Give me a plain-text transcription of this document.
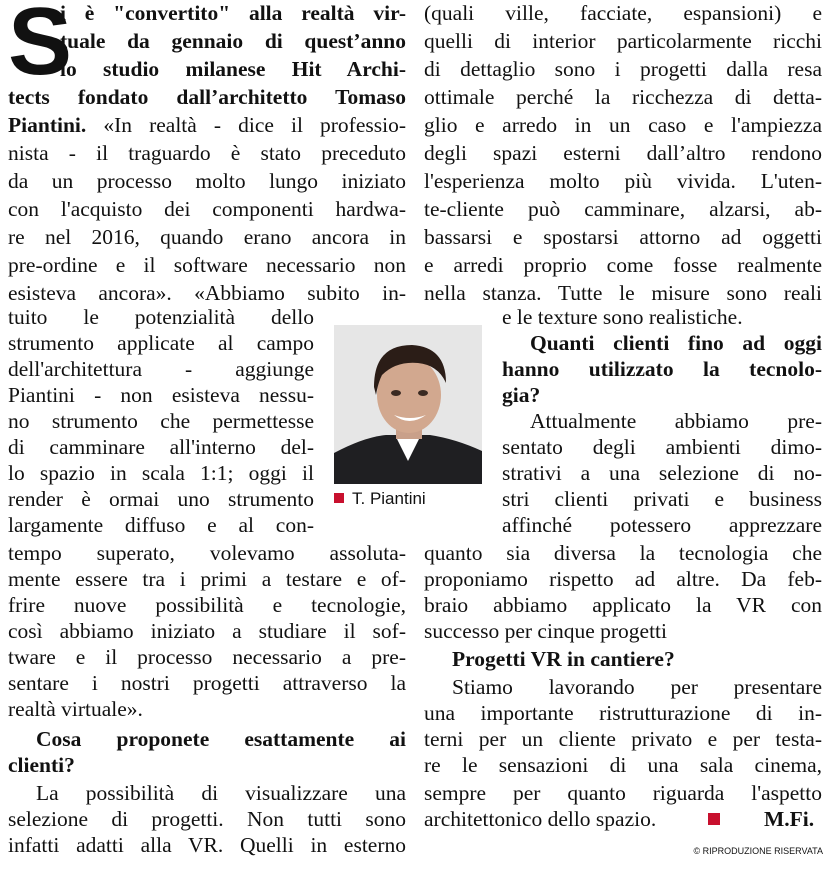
S
i è "convertito" alla realtà vir-
tuale da gennaio di quest’anno
lo studio milanese Hit Archi-
tects fondato dall’architetto Tomaso
Piantini. «In realtà - dice il professio-
nista - il traguardo è stato preceduto
da un processo molto lungo iniziato
con l'acquisto dei componenti hardwa-
re nel 2016, quando erano ancora in
pre-ordine e il software necessario non
esisteva ancora». «Abbiamo subito in-
tuito le potenzialità dello
strumento applicate al campo
dell'architettura - aggiunge
Piantini - non esisteva nessu-
no strumento che permettesse
di camminare all'interno del-
lo spazio in scala 1:1; oggi il
render è ormai uno strumento
largamente diffuso e al con-
tempo superato, volevamo assoluta-
mente essere tra i primi a testare e of-
frire nuove possibilità e tecnologie,
così abbiamo iniziato a studiare il sof-
tware e il processo necessario a pre-
sentare i nostri progetti attraverso la
realtà virtuale».
Cosa proponete esattamente ai
clienti?
La possibilità di visualizzare una
selezione di progetti. Non tutti sono
infatti adatti alla VR. Quelli in esterno
T. Piantini
(quali ville, facciate, espansioni) e
quelli di interior particolarmente ricchi
di dettaglio sono i progetti dalla resa
ottimale perché la ricchezza di detta-
glio e arredo in un caso e l'ampiezza
degli spazi esterni dall’altro rendono
l'esperienza molto più vivida. L'uten-
te-cliente può camminare, alzarsi, ab-
bassarsi e spostarsi attorno ad oggetti
e arredi proprio come fosse realmente
nella stanza. Tutte le misure sono reali
e le texture sono realistiche.
Quanti clienti fino ad oggi
hanno utilizzato la tecnolo-
gia?
Attualmente abbiamo pre-
sentato degli ambienti dimo-
strativi a una selezione di no-
stri clienti privati e business
affinché potessero apprezzare
quanto sia diversa la tecnologia che
proponiamo rispetto ad altre. Da feb-
braio abbiamo applicato la VR con
successo per cinque progetti
Progetti VR in cantiere?
Stiamo lavorando per presentare
una importante ristrutturazione di in-
terni per un cliente privato e per testa-
re le sensazioni di una sala cinema,
sempre per quanto riguarda l'aspetto
architettonico dello spazio.	M.Fi.
© RIPRODUZIONE RISERVATA
